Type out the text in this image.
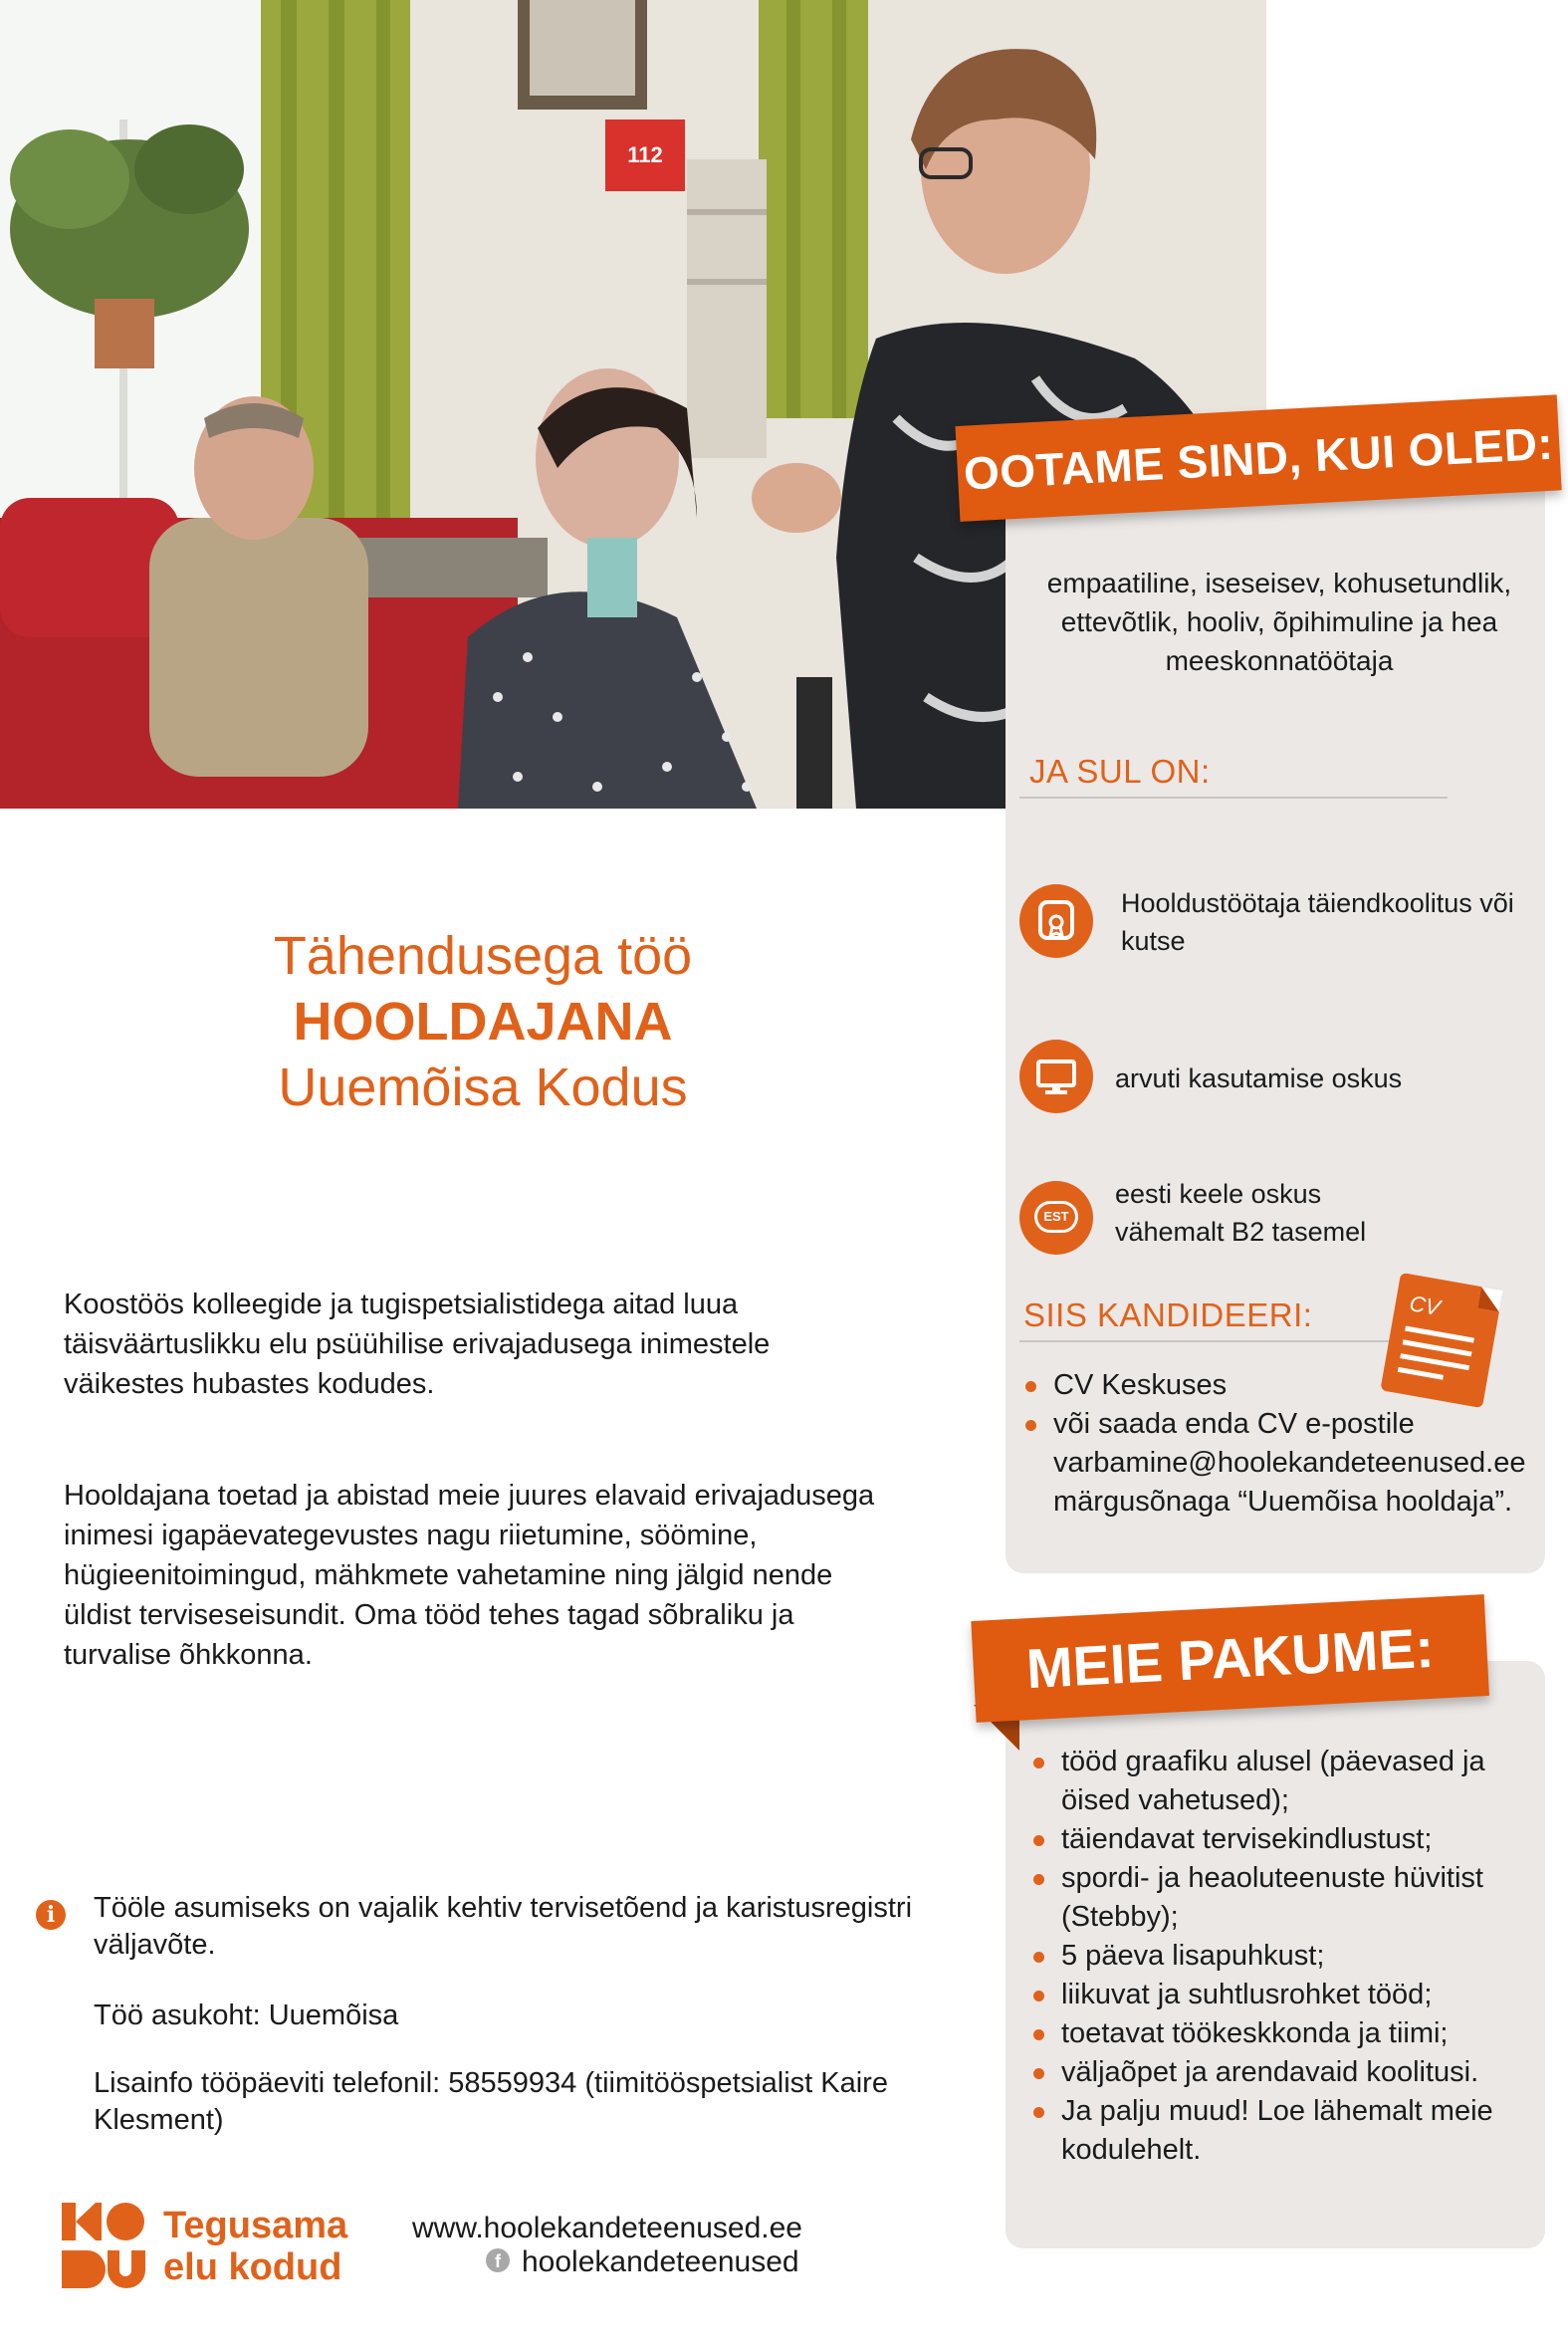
112
Tähendusega töö
HOOLDAJANA
Uuemõisa Kodus
Koostöös kolleegide ja tugispetsialistidega aitad luua täisväärtuslikku elu psüühilise erivajadusega inimestele väikestes hubastes kodudes.
Hooldajana toetad ja abistad meie juures elavaid erivajadusega inimesi igapäevategevustes nagu riietumine, söömine, hügieenitoimingud, mähkmete vahetamine ning jälgid nende üldist terviseseisundit. Oma tööd tehes tagad sõbraliku ja turvalise õhkkonna.
i	Tööle asumiseks on vajalik kehtiv tervisetõend ja karistusregistri väljavõte.
Töö asukoht: Uuemõisa
Lisainfo tööpäeviti telefonil: 58559934 (tiimitööspetsialist Kaire Klesment)
Tegusama
elu kodud
www.hoolekandeteenused.ee
f hoolekandeteenused
OOTAME SIND, KUI OLED:
empaatiline, iseseisev, kohusetundlik, ettevõtlik, hooliv, õpihimuline ja hea meeskonnatöötaja
JA SUL ON:
Hooldustöötaja täiendkoolitus või kutse
arvuti kasutamise oskus
EST
eesti keele oskus vähemalt B2 tasemel
SIIS KANDIDEERI:	CV
CV Keskuses
või saada enda CV e-postile varbamine@hoolekandeteenused.ee märgusõnaga “Uuemõisa hooldaja”.
MEIE PAKUME:
tööd graafiku alusel (päevased ja öised vahetused);
täiendavat tervisekindlustust;
spordi- ja heaoluteenuste hüvitist (Stebby);
5 päeva lisapuhkust;
liikuvat ja suhtlusrohket tööd;
toetavat töökeskkonda ja tiimi;
väljaõpet ja arendavaid koolitusi.
Ja palju muud! Loe lähemalt meie kodulehelt.
